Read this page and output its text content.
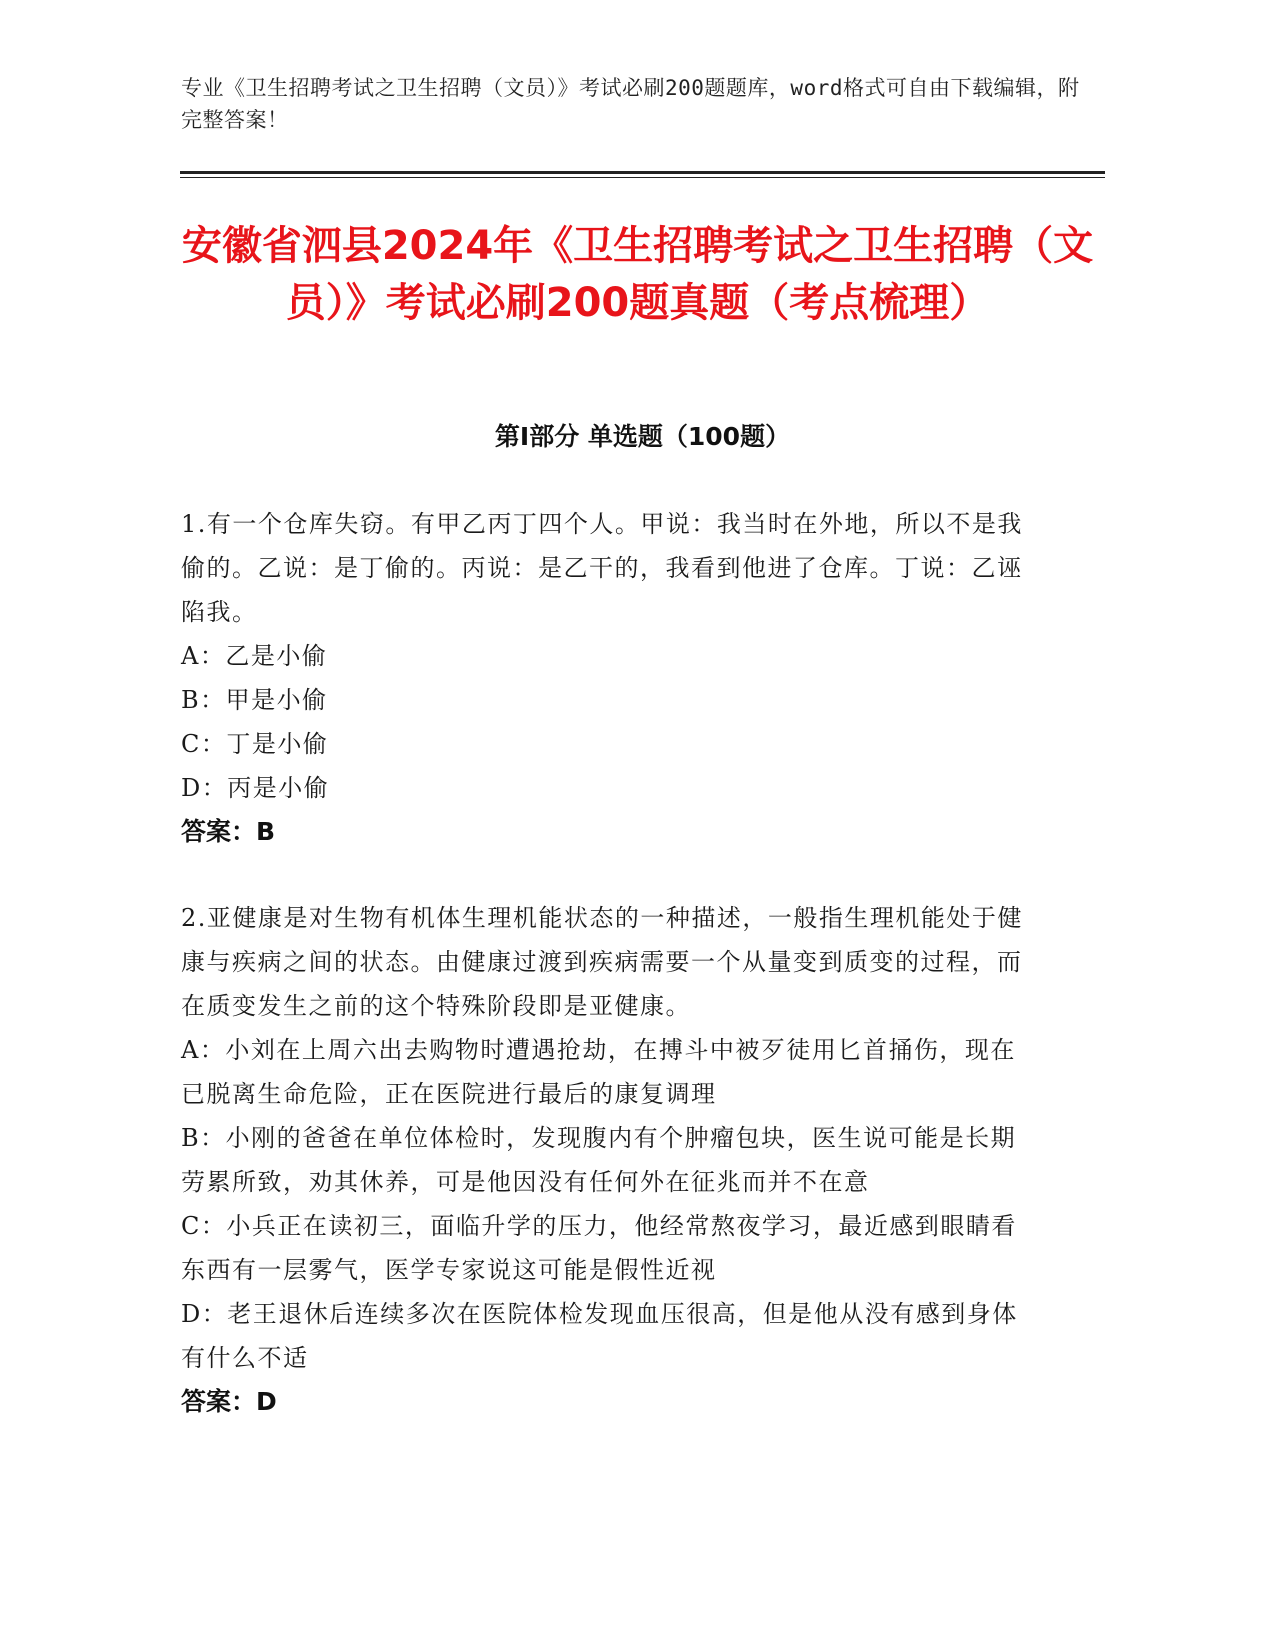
专业《卫生招聘考试之卫生招聘（文员）》考试必刷200题题库，word格式可自由下载编辑，附完整答案！
安徽省泗县2024年《卫生招聘考试之卫生招聘（文员）》考试必刷200题真题（考点梳理）
第I部分 单选题（100题）

1.有一个仓库失窃。有甲乙丙丁四个人。甲说：我当时在外地，所以不是我偷的。乙说：是丁偷的。丙说：是乙干的，我看到他进了仓库。丁说：乙诬陷我。

A：乙是小偷

B：甲是小偷

C：丁是小偷

D：丙是小偷

答案：B

2.亚健康是对生物有机体生理机能状态的一种描述，一般指生理机能处于健康与疾病之间的状态。由健康过渡到疾病需要一个从量变到质变的过程，而在质变发生之前的这个特殊阶段即是亚健康。

A：小刘在上周六出去购物时遭遇抢劫，在搏斗中被歹徒用匕首捅伤，现在已脱离生命危险，正在医院进行最后的康复调理

B：小刚的爸爸在单位体检时，发现腹内有个肿瘤包块，医生说可能是长期劳累所致，劝其休养，可是他因没有任何外在征兆而并不在意

C：小兵正在读初三，面临升学的压力，他经常熬夜学习，最近感到眼睛看东西有一层雾气，医学专家说这可能是假性近视

D：老王退休后连续多次在医院体检发现血压很高，但是他从没有感到身体有什么不适

答案：D
